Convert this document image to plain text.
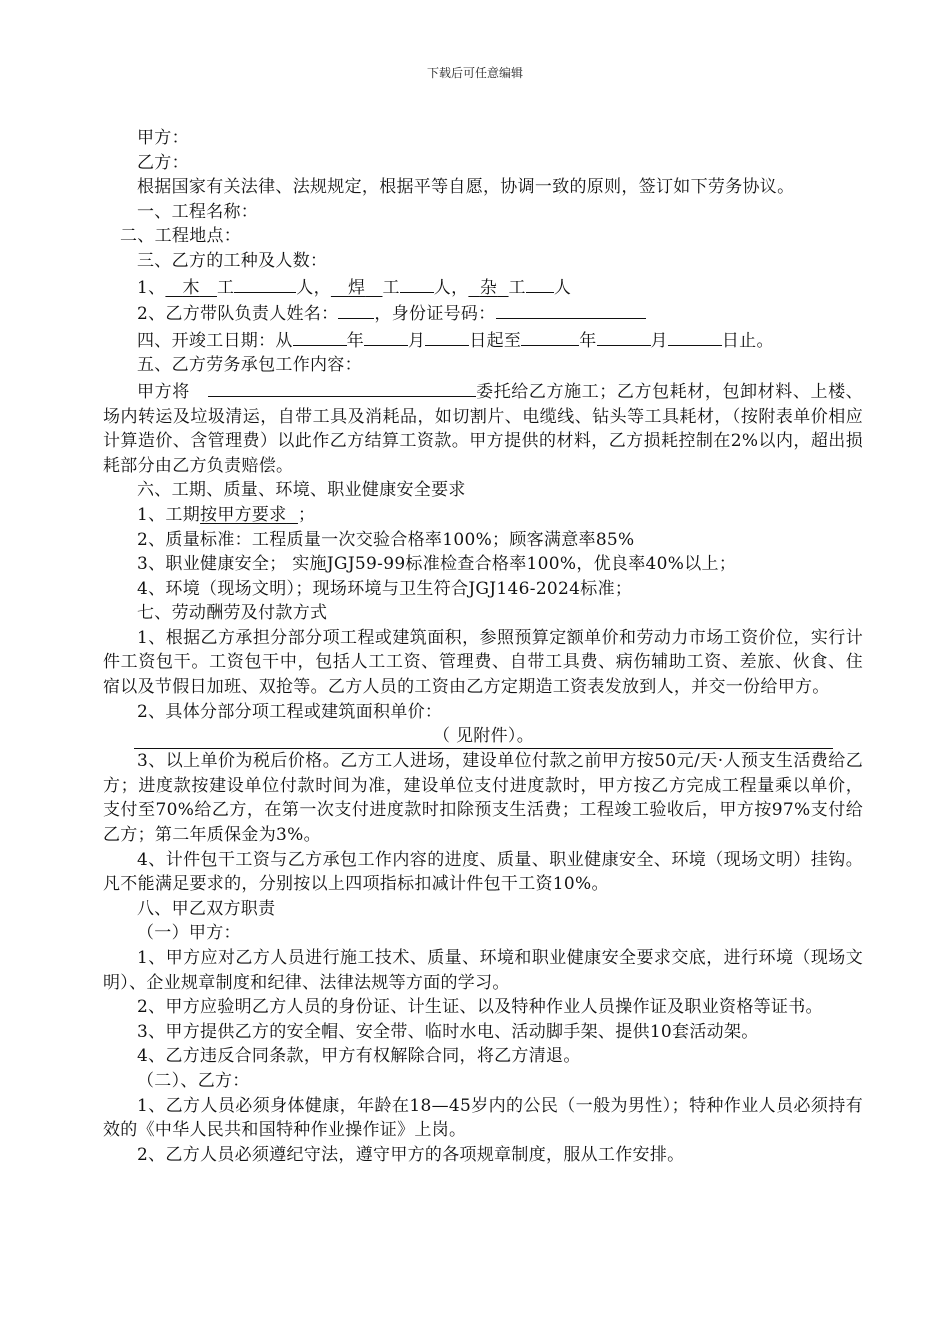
下载后可任意编辑

甲方：

乙方：

根据国家有关法律、法规规定，根据平等自愿，协调一致的原则，签订如下劳务协议。

一、工程名称：

二、工程地点：

三、乙方的工种及人数：

1、 木 工	人， 焊 工 人， 杂 工 人

2、乙方带队负责人姓名： ，身份证号码：

四、开竣工日期：从	年	月	日起至	年	月	日止。

五、乙方劳务承包工作内容：

甲方将	委托给乙方施工；乙方包耗材，包卸材料、上楼、场内转运及垃圾清运，自带工具及消耗品，如切割片、电缆线、钻头等工具耗材，（按附表单价相应计算造价、含管理费）以此作乙方结算工资款。甲方提供的材料，乙方损耗控制在2%以内，超出损耗部分由乙方负责赔偿。

六、工期、质量、环境、职业健康安全要求

1、工期按甲方要求 ；

2、质量标准：工程质量一次交验合格率100%；顾客满意率85%

3、职业健康安全； 实施JGJ59-99标准检查合格率100%，优良率40%以上；

4、环境（现场文明）；现场环境与卫生符合JGJ146-2024标准；

七、劳动酬劳及付款方式

1、根据乙方承担分部分项工程或建筑面积，参照预算定额单价和劳动力市场工资价位，实行计件工资包干。工资包干中，包括人工工资、管理费、自带工具费、病伤辅助工资、差旅、伙食、住宿以及节假日加班、双抢等。乙方人员的工资由乙方定期造工资表发放到人，并交一份给甲方。

2、具体分部分项工程或建筑面积单价：

（ 见附件）。

3、以上单价为税后价格。乙方工人进场，建设单位付款之前甲方按50元/天·人预支生活费给乙方；进度款按建设单位付款时间为准，建设单位支付进度款时，甲方按乙方完成工程量乘以单价，支付至70%给乙方，在第一次支付进度款时扣除预支生活费；工程竣工验收后，甲方按97%支付给乙方；第二年质保金为3%。

4、计件包干工资与乙方承包工作内容的进度、质量、职业健康安全、环境（现场文明）挂钩。凡不能满足要求的，分别按以上四项指标扣减计件包干工资10%。

八、甲乙双方职责

（一）甲方：

1、甲方应对乙方人员进行施工技术、质量、环境和职业健康安全要求交底，进行环境（现场文明）、企业规章制度和纪律、法律法规等方面的学习。

2、甲方应验明乙方人员的身份证、计生证、以及特种作业人员操作证及职业资格等证书。

3、甲方提供乙方的安全帽、安全带、临时水电、活动脚手架、提供10套活动架。

4、乙方违反合同条款，甲方有权解除合同，将乙方清退。

（二）、乙方：

1、乙方人员必须身体健康，年龄在18—45岁内的公民（一般为男性）；特种作业人员必须持有效的《中华人民共和国特种作业操作证》上岗。

2、乙方人员必须遵纪守法，遵守甲方的各项规章制度，服从工作安排。
